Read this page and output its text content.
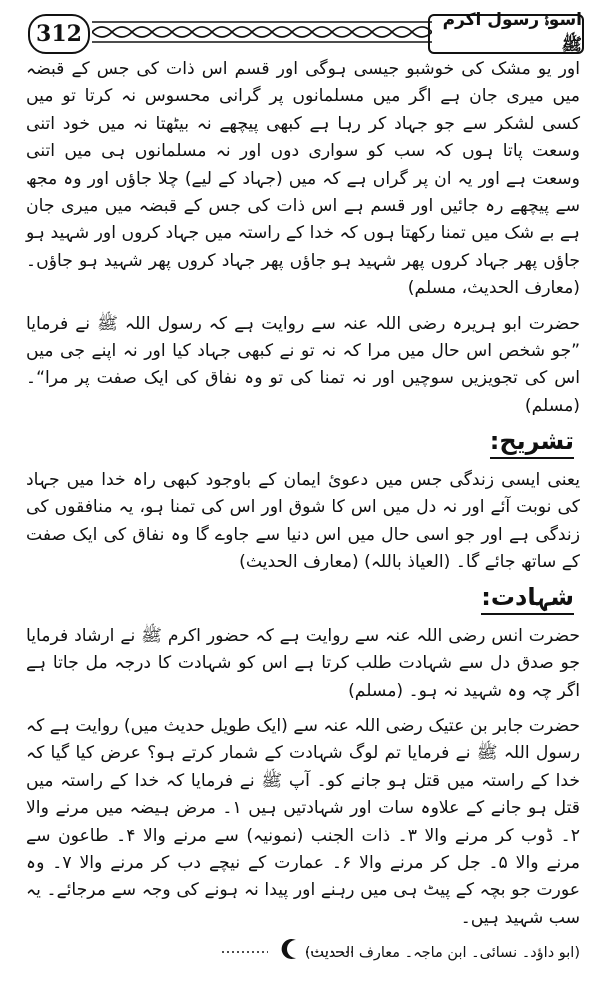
312
اسوۂ رسول اکرم ﷺ

اور یو مشک کی خوشبو جیسی ہوگی اور قسم اس ذات کی جس کے قبضہ میں میری جان ہے اگر میں مسلمانوں پر گرانی محسوس نہ کرتا تو میں کسی لشکر سے جو جہاد کر رہا ہے کبھی پیچھے نہ بیٹھتا نہ میں خود اتنی وسعت پاتا ہوں کہ سب کو سواری دوں اور نہ مسلمانوں ہی میں اتنی وسعت ہے اور یہ ان پر گراں ہے کہ میں (جہاد کے لیے) چلا جاؤں اور وہ مجھ سے پیچھے رہ جائیں اور قسم ہے اس ذات کی جس کے قبضہ میں میری جان ہے بے شک میں تمنا رکھتا ہوں کہ خدا کے راستہ میں جہاد کروں اور شہید ہو جاؤں پھر جہاد کروں پھر شہید ہو جاؤں پھر جہاد کروں پھر شہید ہو جاؤں۔ (معارف الحدیث، مسلم)

حضرت ابو ہریرہ رضی اللہ عنہ سے روایت ہے کہ رسول اللہ ﷺ نے فرمایا ”جو شخص اس حال میں مرا کہ نہ تو نے کبھی جہاد کیا اور نہ اپنے جی میں اس کی تجویزیں سوچیں اور نہ تمنا کی تو وہ نفاق کی ایک صفت پر مرا“۔ (مسلم)

تشریح:

یعنی ایسی زندگی جس میں دعوئ ایمان کے باوجود کبھی راہ خدا میں جہاد کی نوبت آئے اور نہ دل میں اس کا شوق اور اس کی تمنا ہو، یہ منافقوں کی زندگی ہے اور جو اسی حال میں اس دنیا سے جاوے گا وہ نفاق کی ایک صفت کے ساتھ جائے گا۔ (العیاذ باللہ) (معارف الحدیث)

شہادت:

حضرت انس رضی اللہ عنہ سے روایت ہے کہ حضور اکرم ﷺ نے ارشاد فرمایا جو صدق دل سے شہادت طلب کرتا ہے اس کو شہادت کا درجہ مل جاتا ہے اگر چہ وہ شہید نہ ہو۔ (مسلم)

حضرت جابر بن عتیک رضی اللہ عنہ سے (ایک طویل حدیث میں) روایت ہے کہ رسول اللہ ﷺ نے فرمایا تم لوگ شہادت کے شمار کرتے ہو؟ عرض کیا گیا کہ خدا کے راستہ میں قتل ہو جانے کو۔ آپ ﷺ نے فرمایا کہ خدا کے راستہ میں قتل ہو جانے کے علاوہ سات اور شہادتیں ہیں ۱۔ مرض ہیضہ میں مرنے والا ۲۔ ڈوب کر مرنے والا ۳۔ ذات الجنب (نمونیہ) سے مرنے والا ۴۔ طاعون سے مرنے والا ۵۔ جل کر مرنے والا ۶۔ عمارت کے نیچے دب کر مرنے والا ۷۔ وہ عورت جو بچہ کے پیٹ ہی میں رہنے اور پیدا نہ ہونے کی وجہ سے مرجائے۔ یہ سب شہید ہیں۔

(ابو داؤد۔ نسائی۔ ابن ماجہ۔ معارف الحدیث)
